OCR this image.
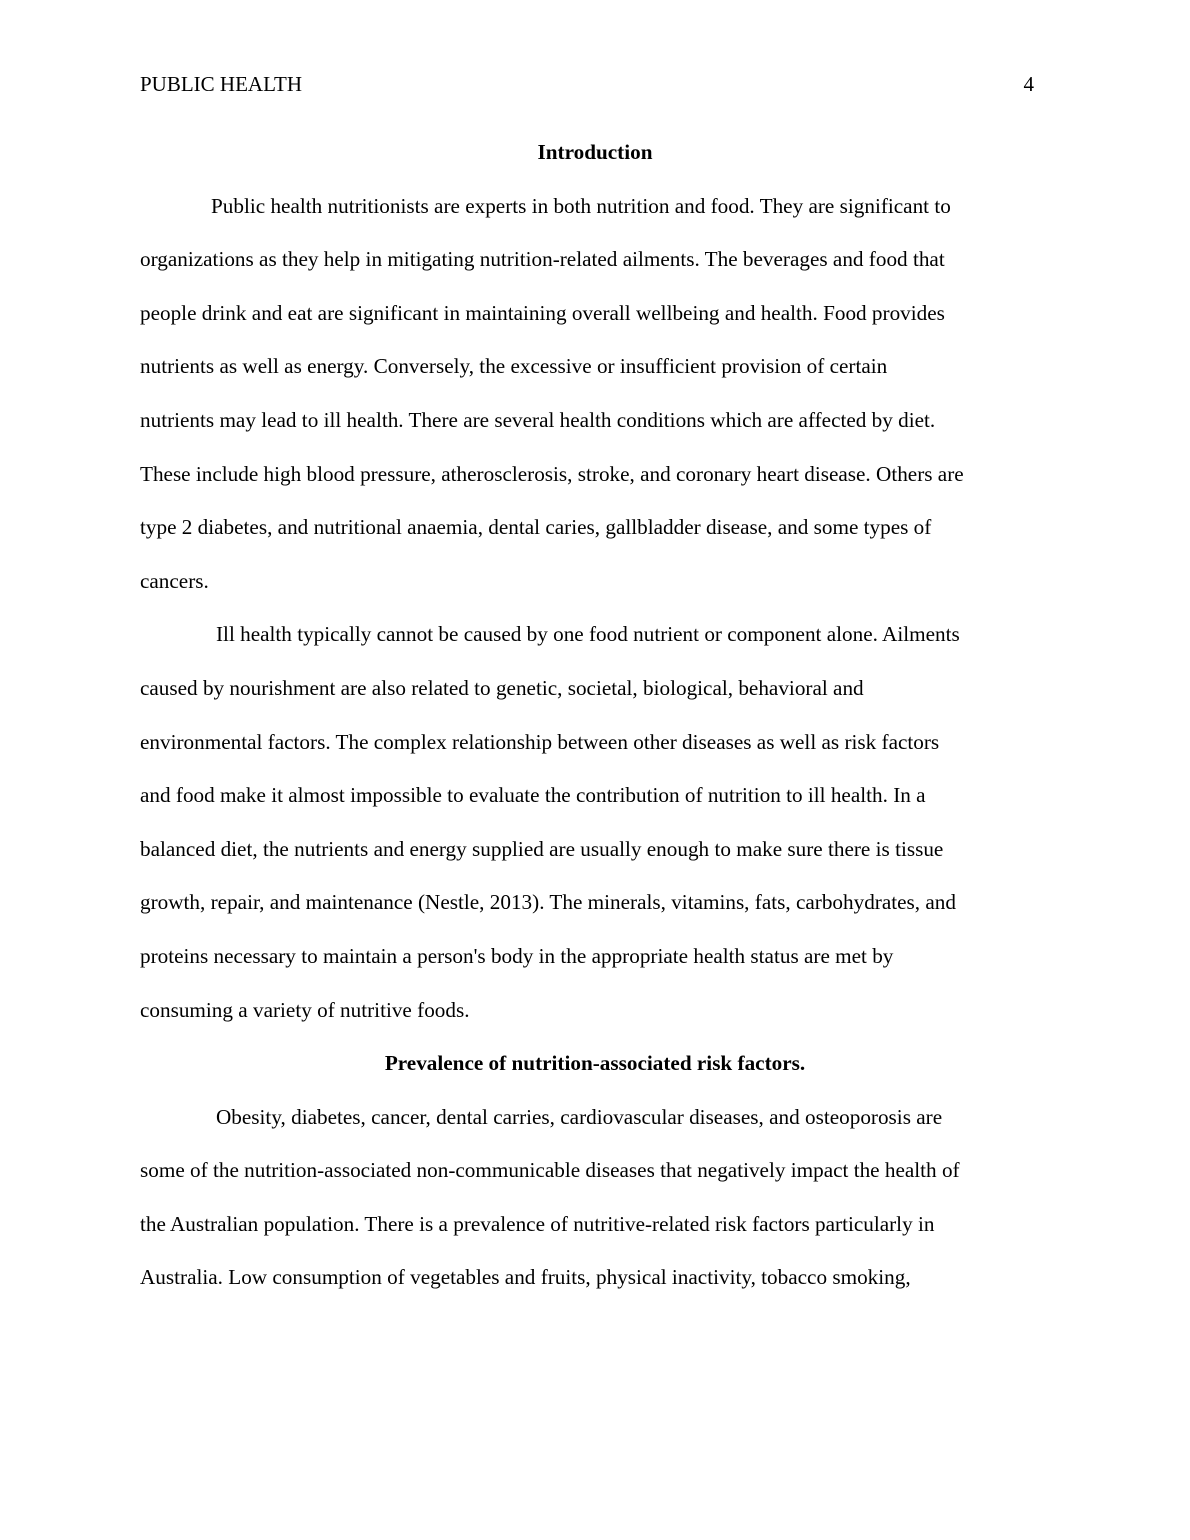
PUBLIC HEALTH	4
Introduction
Public health nutritionists are experts in both nutrition and food. They are significant to
organizations as they help in mitigating nutrition-related ailments. The beverages and food that
people drink and eat are significant in maintaining overall wellbeing and health. Food provides
nutrients as well as energy. Conversely, the excessive or insufficient provision of certain
nutrients may lead to ill health. There are several health conditions which are affected by diet.
These include high blood pressure, atherosclerosis, stroke, and coronary heart disease. Others are
type 2 diabetes, and nutritional anaemia, dental caries, gallbladder disease, and some types of
cancers.
Ill health typically cannot be caused by one food nutrient or component alone. Ailments
caused by nourishment are also related to genetic, societal, biological, behavioral and
environmental factors. The complex relationship between other diseases as well as risk factors
and food make it almost impossible to evaluate the contribution of nutrition to ill health. In a
balanced diet, the nutrients and energy supplied are usually enough to make sure there is tissue
growth, repair, and maintenance (Nestle, 2013). The minerals, vitamins, fats, carbohydrates, and
proteins necessary to maintain a person's body in the appropriate health status are met by
consuming a variety of nutritive foods.
Prevalence of nutrition-associated risk factors.
Obesity, diabetes, cancer, dental carries, cardiovascular diseases, and osteoporosis are
some of the nutrition-associated non-communicable diseases that negatively impact the health of
the Australian population. There is a prevalence of nutritive-related risk factors particularly in
Australia. Low consumption of vegetables and fruits, physical inactivity, tobacco smoking,
